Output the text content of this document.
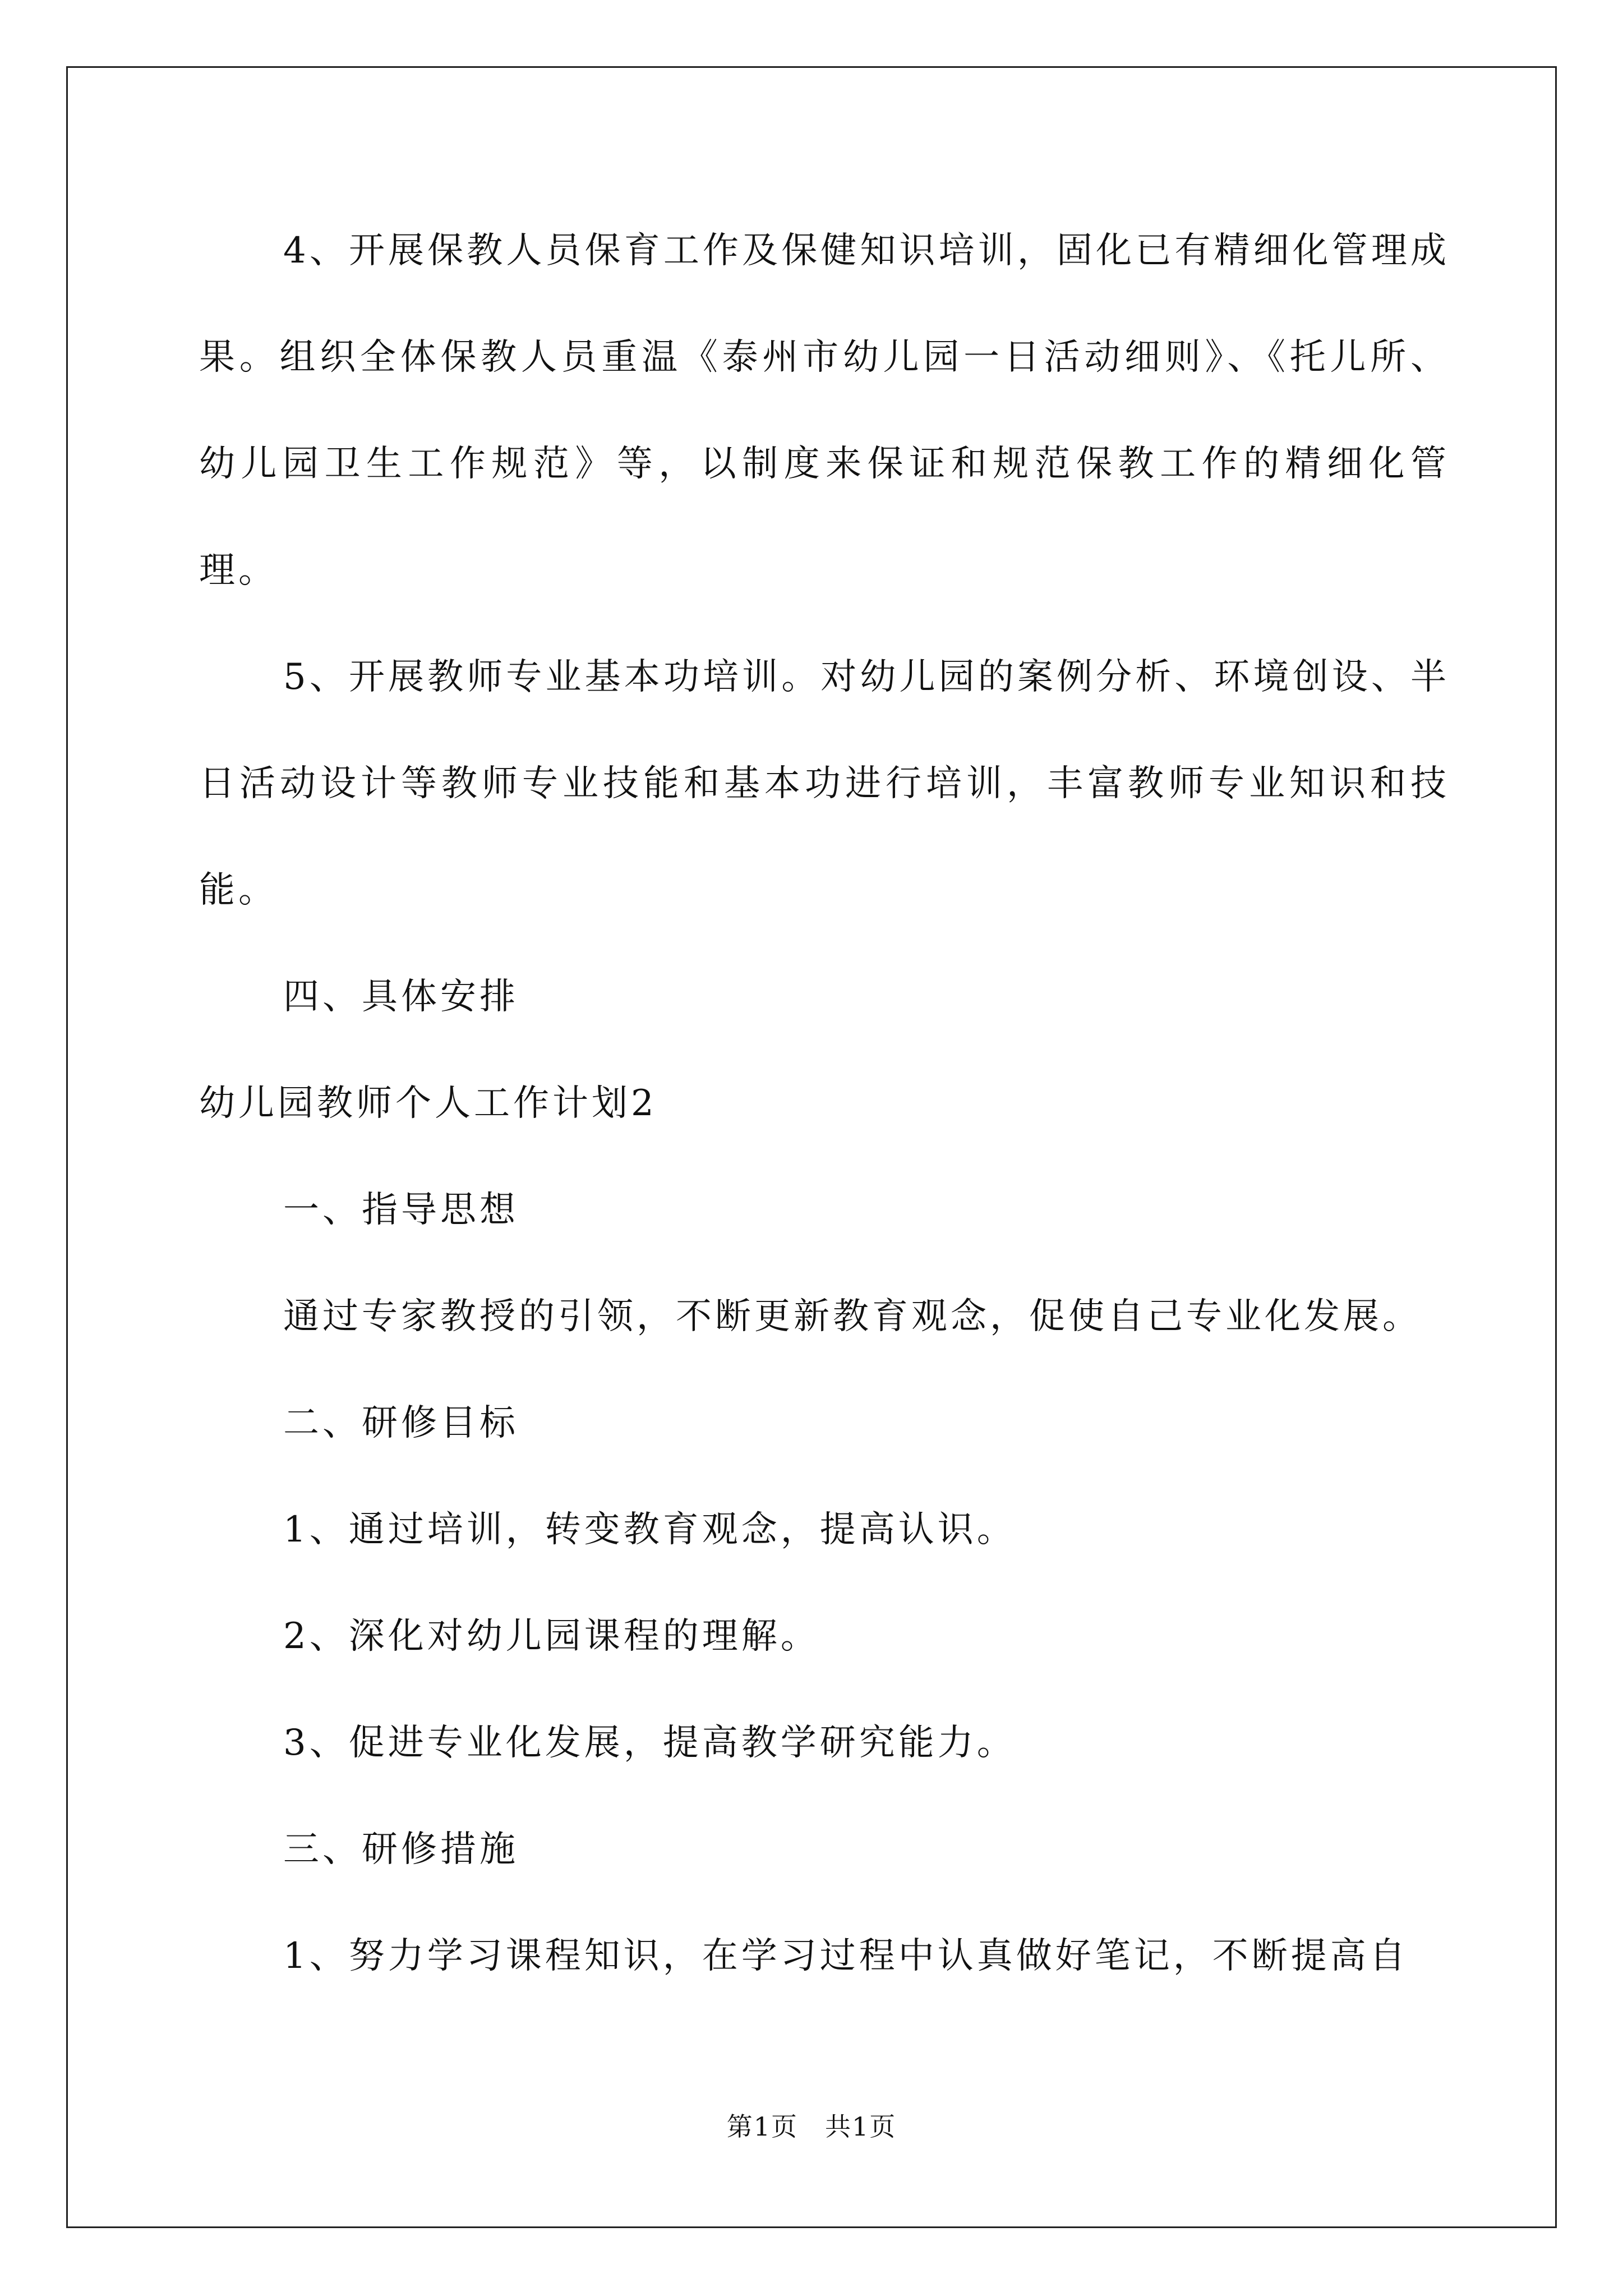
4、开展保教人员保育工作及保健知识培训，固化已有精细化管理成果。组织全体保教人员重温《泰州市幼儿园一日活动细则》、《托儿所、幼儿园卫生工作规范》等，以制度来保证和规范保教工作的精细化管理。

5、开展教师专业基本功培训。对幼儿园的案例分析、环境创设、半日活动设计等教师专业技能和基本功进行培训，丰富教师专业知识和技能。

四、具体安排

幼儿园教师个人工作计划2

一、指导思想

通过专家教授的引领，不断更新教育观念，促使自己专业化发展。

二、研修目标

1、通过培训，转变教育观念，提高认识。

2、深化对幼儿园课程的理解。

3、促进专业化发展，提高教学研究能力。

三、研修措施

1、努力学习课程知识，在学习过程中认真做好笔记，不断提高自

第1页　共1页
